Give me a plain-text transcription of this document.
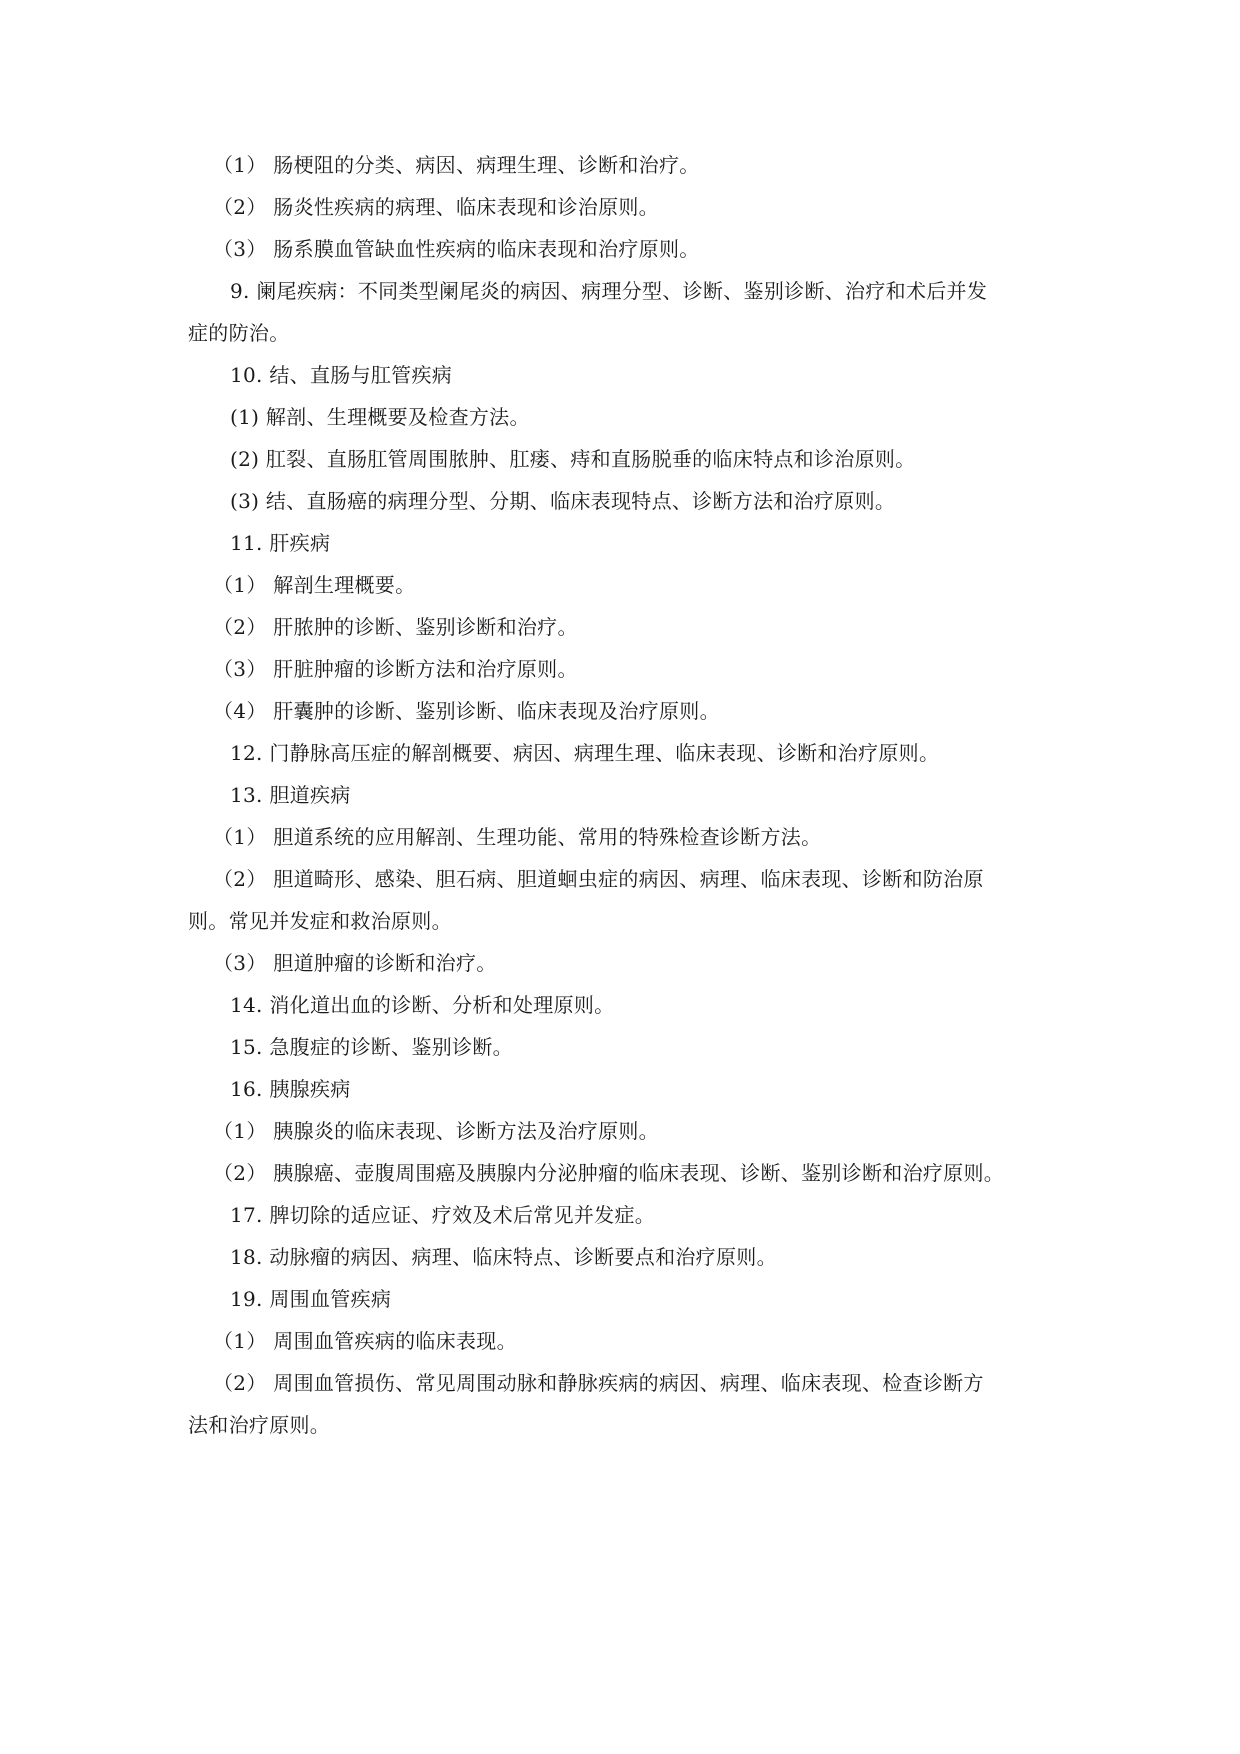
（1） 肠梗阻的分类、病因、病理生理、诊断和治疗。
（2） 肠炎性疾病的病理、临床表现和诊治原则。
（3） 肠系膜血管缺血性疾病的临床表现和治疗原则。
9. 阑尾疾病：不同类型阑尾炎的病因、病理分型、诊断、鉴别诊断、治疗和术后并发
症的防治。
10. 结、直肠与肛管疾病
(1) 解剖、生理概要及检查方法。
(2) 肛裂、直肠肛管周围脓肿、肛瘘、痔和直肠脱垂的临床特点和诊治原则。
(3) 结、直肠癌的病理分型、分期、临床表现特点、诊断方法和治疗原则。
11. 肝疾病
（1） 解剖生理概要。
（2） 肝脓肿的诊断、鉴别诊断和治疗。
（3） 肝脏肿瘤的诊断方法和治疗原则。
（4） 肝囊肿的诊断、鉴别诊断、临床表现及治疗原则。
12. 门静脉高压症的解剖概要、病因、病理生理、临床表现、诊断和治疗原则。
13. 胆道疾病
（1） 胆道系统的应用解剖、生理功能、常用的特殊检查诊断方法。
（2） 胆道畸形、感染、胆石病、胆道蛔虫症的病因、病理、临床表现、诊断和防治原
则。常见并发症和救治原则。
（3） 胆道肿瘤的诊断和治疗。
14. 消化道出血的诊断、分析和处理原则。
15. 急腹症的诊断、鉴别诊断。
16. 胰腺疾病
（1） 胰腺炎的临床表现、诊断方法及治疗原则。
（2） 胰腺癌、壶腹周围癌及胰腺内分泌肿瘤的临床表现、诊断、鉴别诊断和治疗原则。
17. 脾切除的适应证、疗效及术后常见并发症。
18. 动脉瘤的病因、病理、临床特点、诊断要点和治疗原则。
19. 周围血管疾病
（1） 周围血管疾病的临床表现。
（2） 周围血管损伤、常见周围动脉和静脉疾病的病因、病理、临床表现、检查诊断方
法和治疗原则。
